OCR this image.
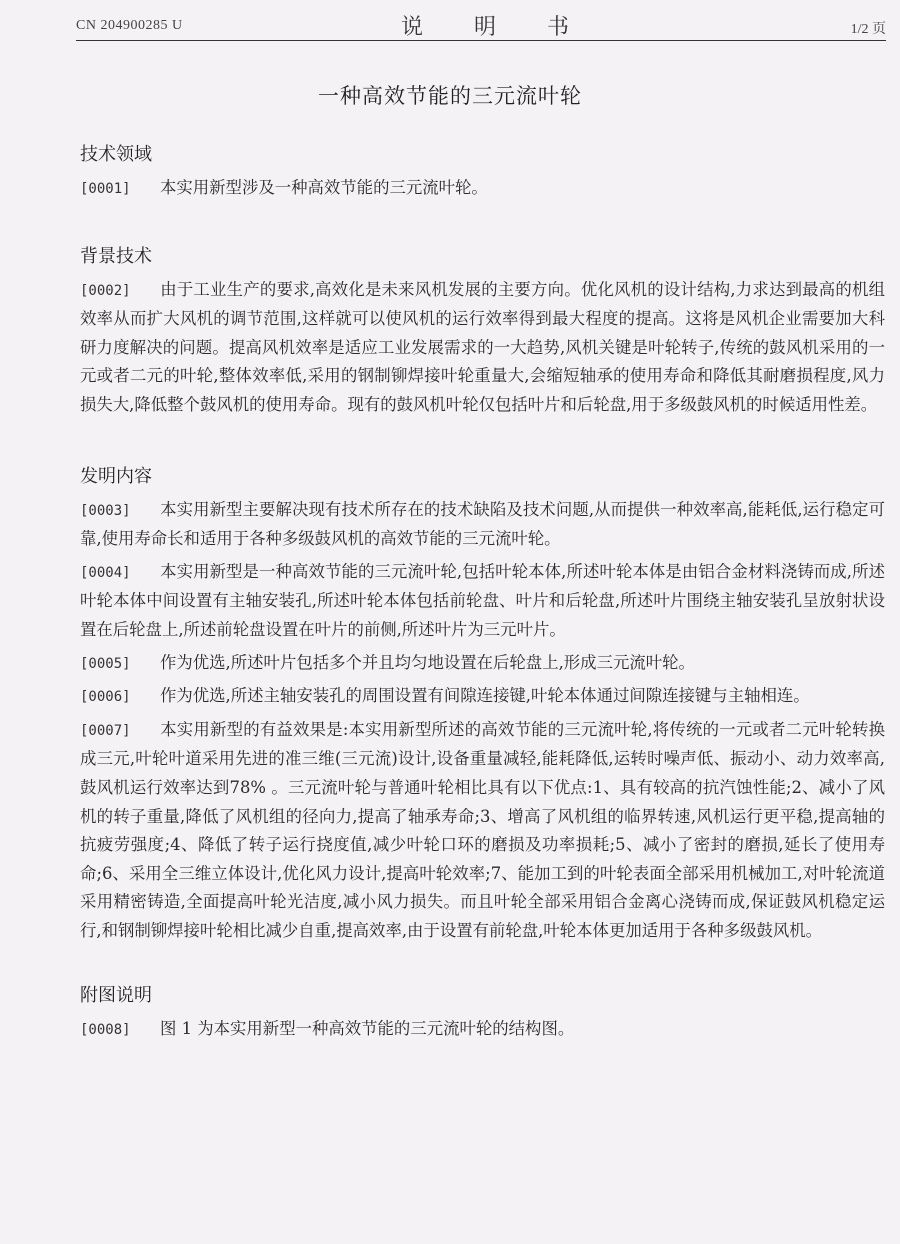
CN 204900285 U	说 明 书	1/2 页
一种高效节能的三元流叶轮
技术领域

[0001] 本实用新型涉及一种高效节能的三元流叶轮。

背景技术

[0002] 由于工业生产的要求,高效化是未来风机发展的主要方向。优化风机的设计结构,力求达到最高的机组效率从而扩大风机的调节范围,这样就可以使风机的运行效率得到最大程度的提高。这将是风机企业需要加大科研力度解决的问题。提高风机效率是适应工业发展需求的一大趋势,风机关键是叶轮转子,传统的鼓风机采用的一元或者二元的叶轮,整体效率低,采用的钢制铆焊接叶轮重量大,会缩短轴承的使用寿命和降低其耐磨损程度,风力损失大,降低整个鼓风机的使用寿命。现有的鼓风机叶轮仅包括叶片和后轮盘,用于多级鼓风机的时候适用性差。

发明内容

[0003] 本实用新型主要解决现有技术所存在的技术缺陷及技术问题,从而提供一种效率高,能耗低,运行稳定可靠,使用寿命长和适用于各种多级鼓风机的高效节能的三元流叶轮。

[0004] 本实用新型是一种高效节能的三元流叶轮,包括叶轮本体,所述叶轮本体是由铝合金材料浇铸而成,所述叶轮本体中间设置有主轴安装孔,所述叶轮本体包括前轮盘、叶片和后轮盘,所述叶片围绕主轴安装孔呈放射状设置在后轮盘上,所述前轮盘设置在叶片的前侧,所述叶片为三元叶片。

[0005] 作为优选,所述叶片包括多个并且均匀地设置在后轮盘上,形成三元流叶轮。

[0006] 作为优选,所述主轴安装孔的周围设置有间隙连接键,叶轮本体通过间隙连接键与主轴相连。

[0007] 本实用新型的有益效果是:本实用新型所述的高效节能的三元流叶轮,将传统的一元或者二元叶轮转换成三元,叶轮叶道采用先进的准三维(三元流)设计,设备重量减轻,能耗降低,运转时噪声低、振动小、动力效率高,鼓风机运行效率达到78% 。三元流叶轮与普通叶轮相比具有以下优点:1、具有较高的抗汽蚀性能;2、减小了风机的转子重量,降低了风机组的径向力,提高了轴承寿命;3、增高了风机组的临界转速,风机运行更平稳,提高轴的抗疲劳强度;4、降低了转子运行挠度值,减少叶轮口环的磨损及功率损耗;5、减小了密封的磨损,延长了使用寿命;6、采用全三维立体设计,优化风力设计,提高叶轮效率;7、能加工到的叶轮表面全部采用机械加工,对叶轮流道采用精密铸造,全面提高叶轮光洁度,减小风力损失。而且叶轮全部采用铝合金离心浇铸而成,保证鼓风机稳定运行,和钢制铆焊接叶轮相比减少自重,提高效率,由于设置有前轮盘,叶轮本体更加适用于各种多级鼓风机。

附图说明

[0008] 图 1 为本实用新型一种高效节能的三元流叶轮的结构图。
